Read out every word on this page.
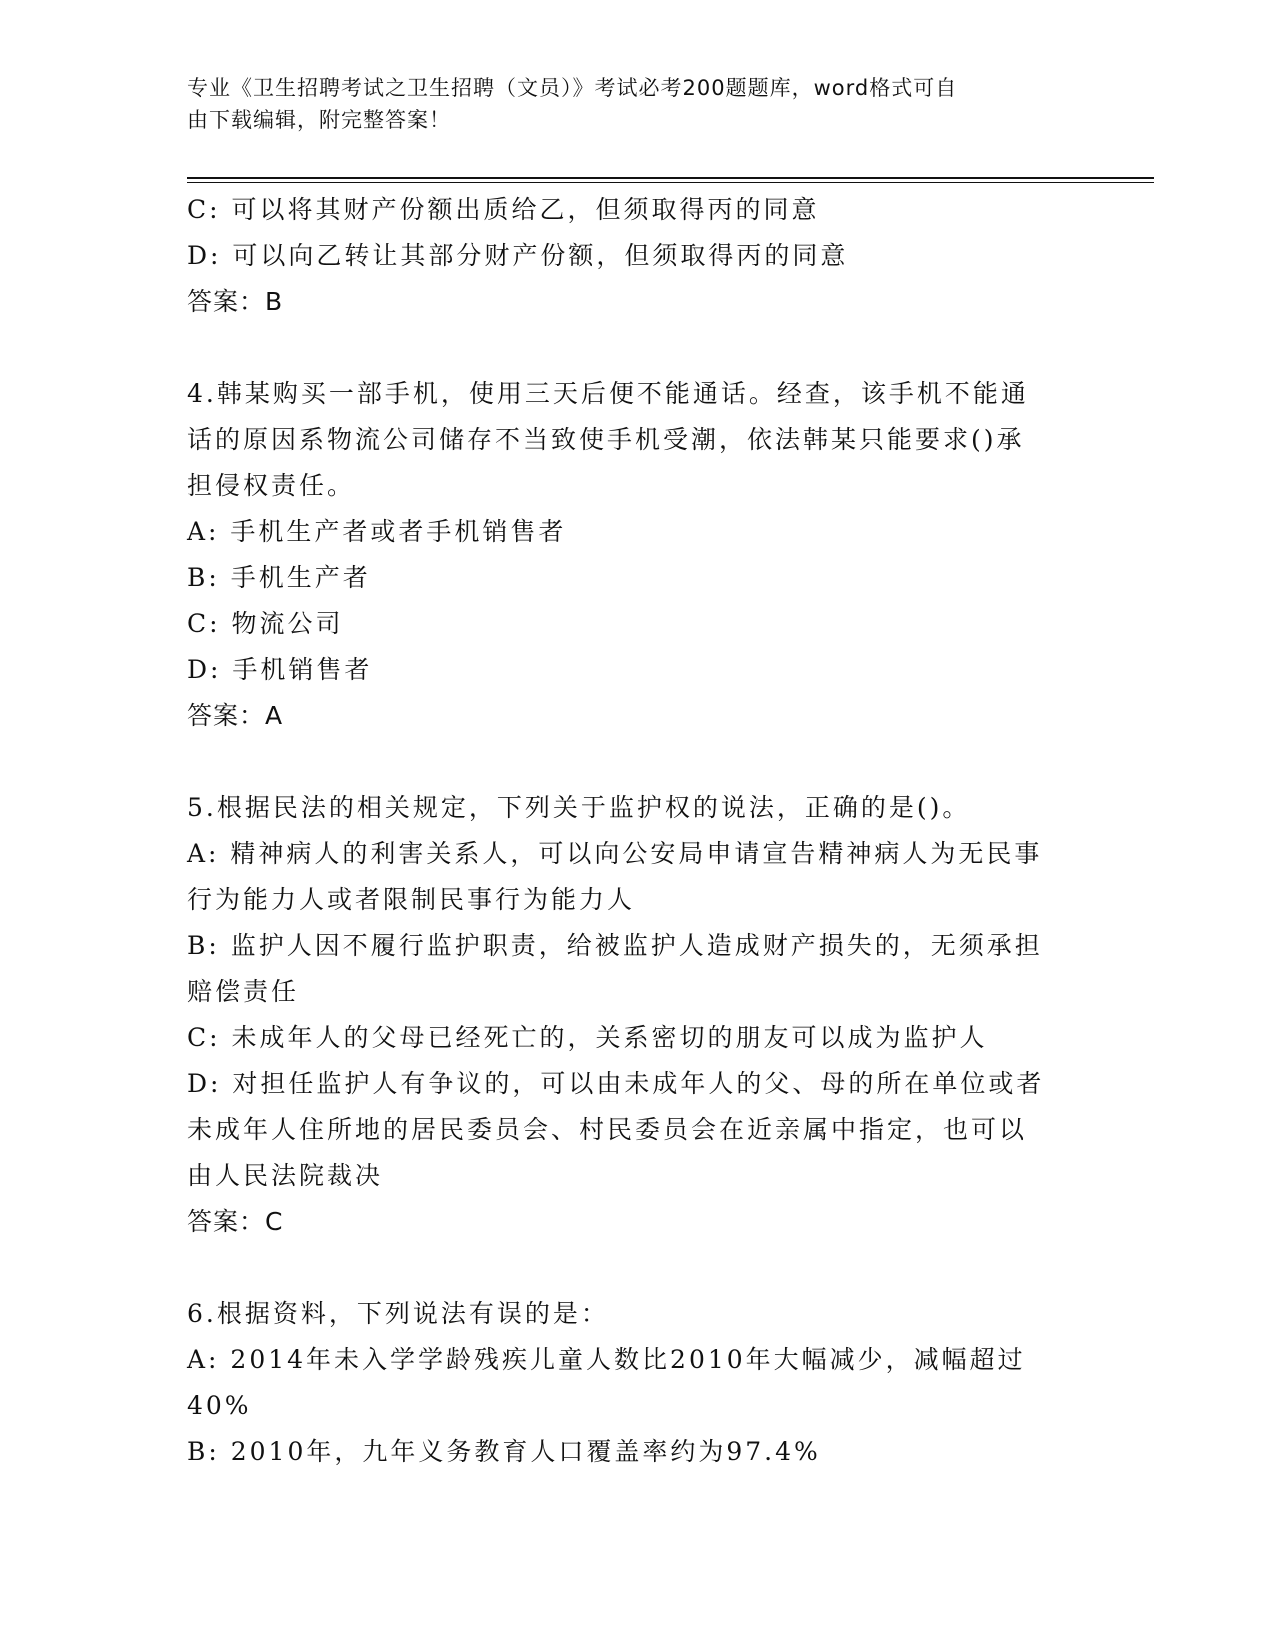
专业《卫生招聘考试之卫生招聘（文员）》考试必考200题题库，word格式可自
由下载编辑，附完整答案！
C: 可以将其财产份额出质给乙，但须取得丙的同意
D: 可以向乙转让其部分财产份额，但须取得丙的同意
答案：B
4.韩某购买一部手机，使用三天后便不能通话。经查，该手机不能通
话的原因系物流公司储存不当致使手机受潮，依法韩某只能要求()承
担侵权责任。
A: 手机生产者或者手机销售者
B: 手机生产者
C: 物流公司
D: 手机销售者
答案：A
5.根据民法的相关规定，下列关于监护权的说法，正确的是()。
A: 精神病人的利害关系人，可以向公安局申请宣告精神病人为无民事
行为能力人或者限制民事行为能力人
B: 监护人因不履行监护职责，给被监护人造成财产损失的，无须承担
赔偿责任
C: 未成年人的父母已经死亡的，关系密切的朋友可以成为监护人
D: 对担任监护人有争议的，可以由未成年人的父、母的所在单位或者
未成年人住所地的居民委员会、村民委员会在近亲属中指定，也可以
由人民法院裁决
答案：C
6.根据资料，下列说法有误的是：
A: 2014年未入学学龄残疾儿童人数比2010年大幅减少，减幅超过
40%
B: 2010年，九年义务教育人口覆盖率约为97.4%
